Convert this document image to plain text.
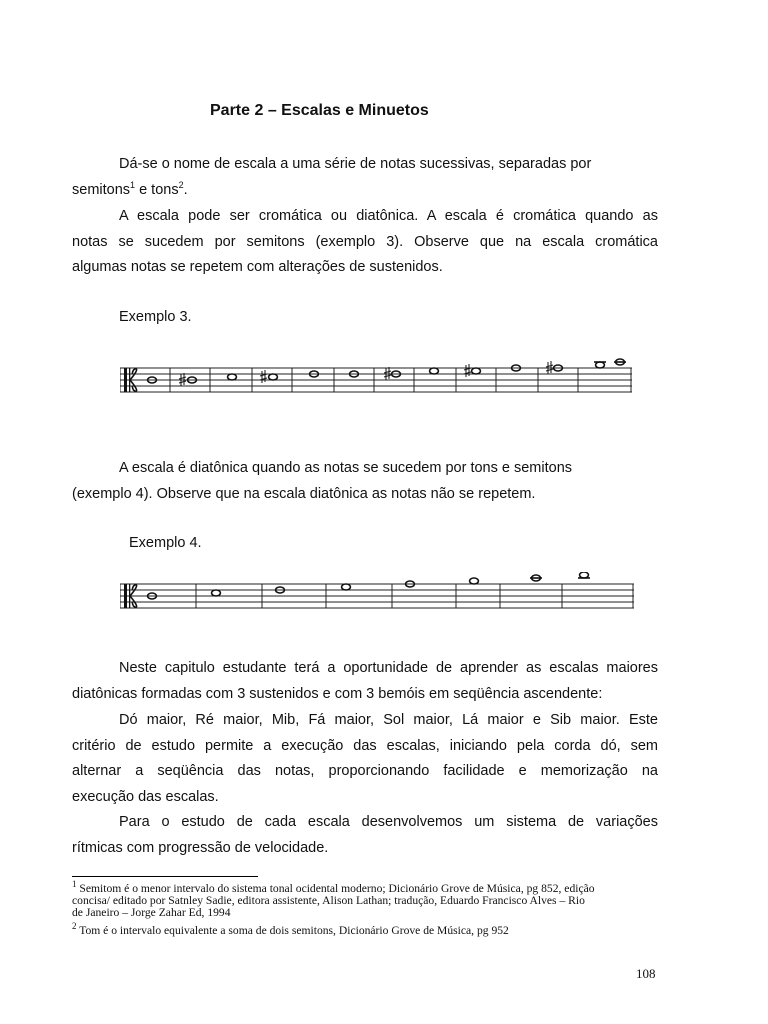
Parte 2 – Escalas e Minuetos

Dá-se o nome de escala a uma série de notas sucessivas, separadas por
semitons$^1$ e tons$^2$.

A escala pode ser cromática ou diatônica. A escala é cromática quando as
notas se sucedem por semitons (exemplo 3). Observe que na escala cromática
algumas notas se repetem com alterações de sustenidos.

Exemplo 3.

A escala é diatônica quando as notas se sucedem por tons e semitons
(exemplo 4). Observe que na escala diatônica as notas não se repetem.

Exemplo 4.

Neste capitulo estudante terá a oportunidade de aprender as escalas maiores
diatônicas formadas com 3 sustenidos e com 3 bemóis em seqüência ascendente:

Dó maior, Ré maior, Mib, Fá maior, Sol maior, Lá maior e Sib maior. Este
critério de estudo permite a execução das escalas, iniciando pela corda dó, sem
alternar a seqüência das notas, proporcionando facilidade e memorização na
execução das escalas.

Para o estudo de cada escala desenvolvemos um sistema de variações
rítmicas com progressão de velocidade.

$^1$ Semitom é o menor intervalo do sistema tonal ocidental moderno; Dicionário Grove de Música, pg 852, edição
concisa/ editado por Satnley Sadie, editora assistente, Alison Lathan; tradução, Eduardo Francisco Alves – Rio
de Janeiro – Jorge Zahar Ed, 1994

$^2$ Tom é o intervalo equivalente a soma de dois semitons, Dicionário Grove de Música, pg 952

108
